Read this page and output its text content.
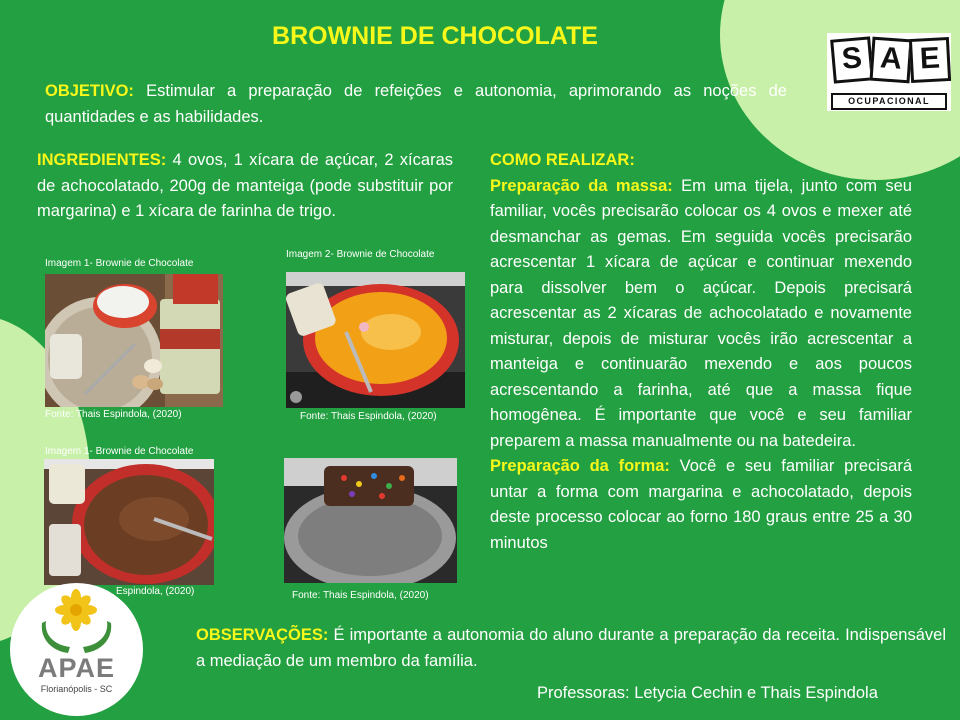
BROWNIE DE CHOCOLATE
S A E
OCUPACIONAL
OBJETIVO: Estimular a preparação de refeições e autonomia, aprimorando as noções de quantidades e as habilidades.
INGREDIENTES: 4 ovos, 1 xícara de açúcar, 2 xícaras de achocolatado, 200g de manteiga (pode substituir por margarina) e 1 xícara de farinha de trigo.
COMO REALIZAR:
Preparação da massa: Em uma tijela, junto com seu familiar, vocês precisarão colocar os 4 ovos e mexer até desmanchar as gemas. Em seguida vocês precisarão acrescentar 1 xícara de açúcar e continuar mexendo para dissolver bem o açúcar. Depois precisará acrescentar as 2 xícaras de achocolatado e novamente misturar, depois de misturar vocês irão acrescentar a manteiga e continuarão mexendo e aos poucos acrescentando a farinha, até que a massa fique homogênea. É importante que você e seu familiar preparem a massa manualmente ou na batedeira.
Preparação da forma: Você e seu familiar precisará untar a forma com margarina e achocolatado, depois deste processo colocar ao forno 180 graus entre 25 a 30 minutos
Imagem 1- Brownie de Chocolate
Fonte: Thais Espindola, (2020)
Imagem 2- Brownie de Chocolate
Fonte: Thais Espindola, (2020)
Imagem 1- Brownie de Chocolate
Espindola, (2020)	Fonte: Thais Espindola, (2020)
APAE
Florianópolis - SC
OBSERVAÇÕES: É importante a autonomia do aluno durante a preparação da receita. Indispensável a mediação de um membro da família.
Professoras: Letycia Cechin e Thais Espindola
